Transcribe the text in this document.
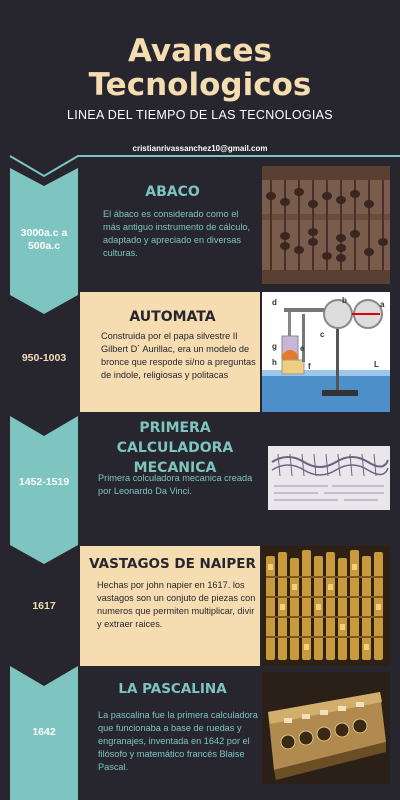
Avances
Tecnologicos
LINEA DEL TIEMPO DE LAS TECNOLOGIAS
cristianrivassanchez10@gmail.com
3000a.c a 500a.c
ABACO
El ábaco es considerado como el más antiguo instrumento de cálculo, adaptado y apreciado en diversas culturas.
950-1003
AUTOMATA
Construida por el papa silvestre II Gilbert D´ Aurillac, era un modelo de bronce que respode si/no a preguntas de indole, religiosas y politacas
d	b	a
c
e
f
g
h	L
1452-1519
PRIMERA CALCULADORA MECANICA
Primera colculadora mecanica creada por Leonardo Da Vinci.
1617
VASTAGOS DE NAIPER
Hechas por john napier en 1617. los vastagos son un conjuto de piezas con numeros que permiten multiplicar, divir y extraer raices.
1642
LA PASCALINA
La pascalina fue la primera calculadora que funcionaba a base de ruedas y engranajes, inventada en 1642 por el filósofo y matemático francés Blaise Pascal.
